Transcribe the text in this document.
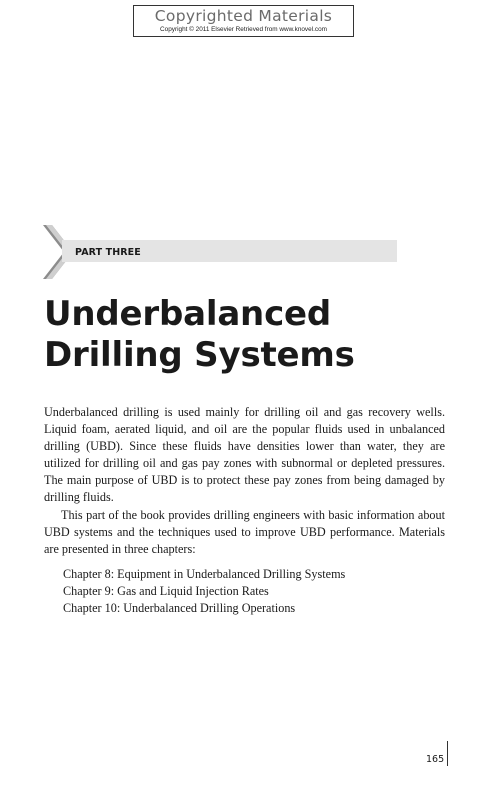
Copyrighted Materials
Copyright © 2011 Elsevier Retrieved from www.knovel.com
PART THREE
Underbalanced Drilling Systems

Underbalanced drilling is used mainly for drilling oil and gas recovery wells. Liquid foam, aerated liquid, and oil are the popular fluids used in unbalanced drilling (UBD). Since these fluids have densities lower than water, they are utilized for drilling oil and gas pay zones with subnormal or depleted pressures. The main purpose of UBD is to protect these pay zones from being damaged by drilling fluids.

This part of the book provides drilling engineers with basic information about UBD systems and the techniques used to improve UBD performance. Materials are presented in three chapters:

Chapter 8: Equipment in Underbalanced Drilling Systems
Chapter 9: Gas and Liquid Injection Rates
Chapter 10: Underbalanced Drilling Operations
165
